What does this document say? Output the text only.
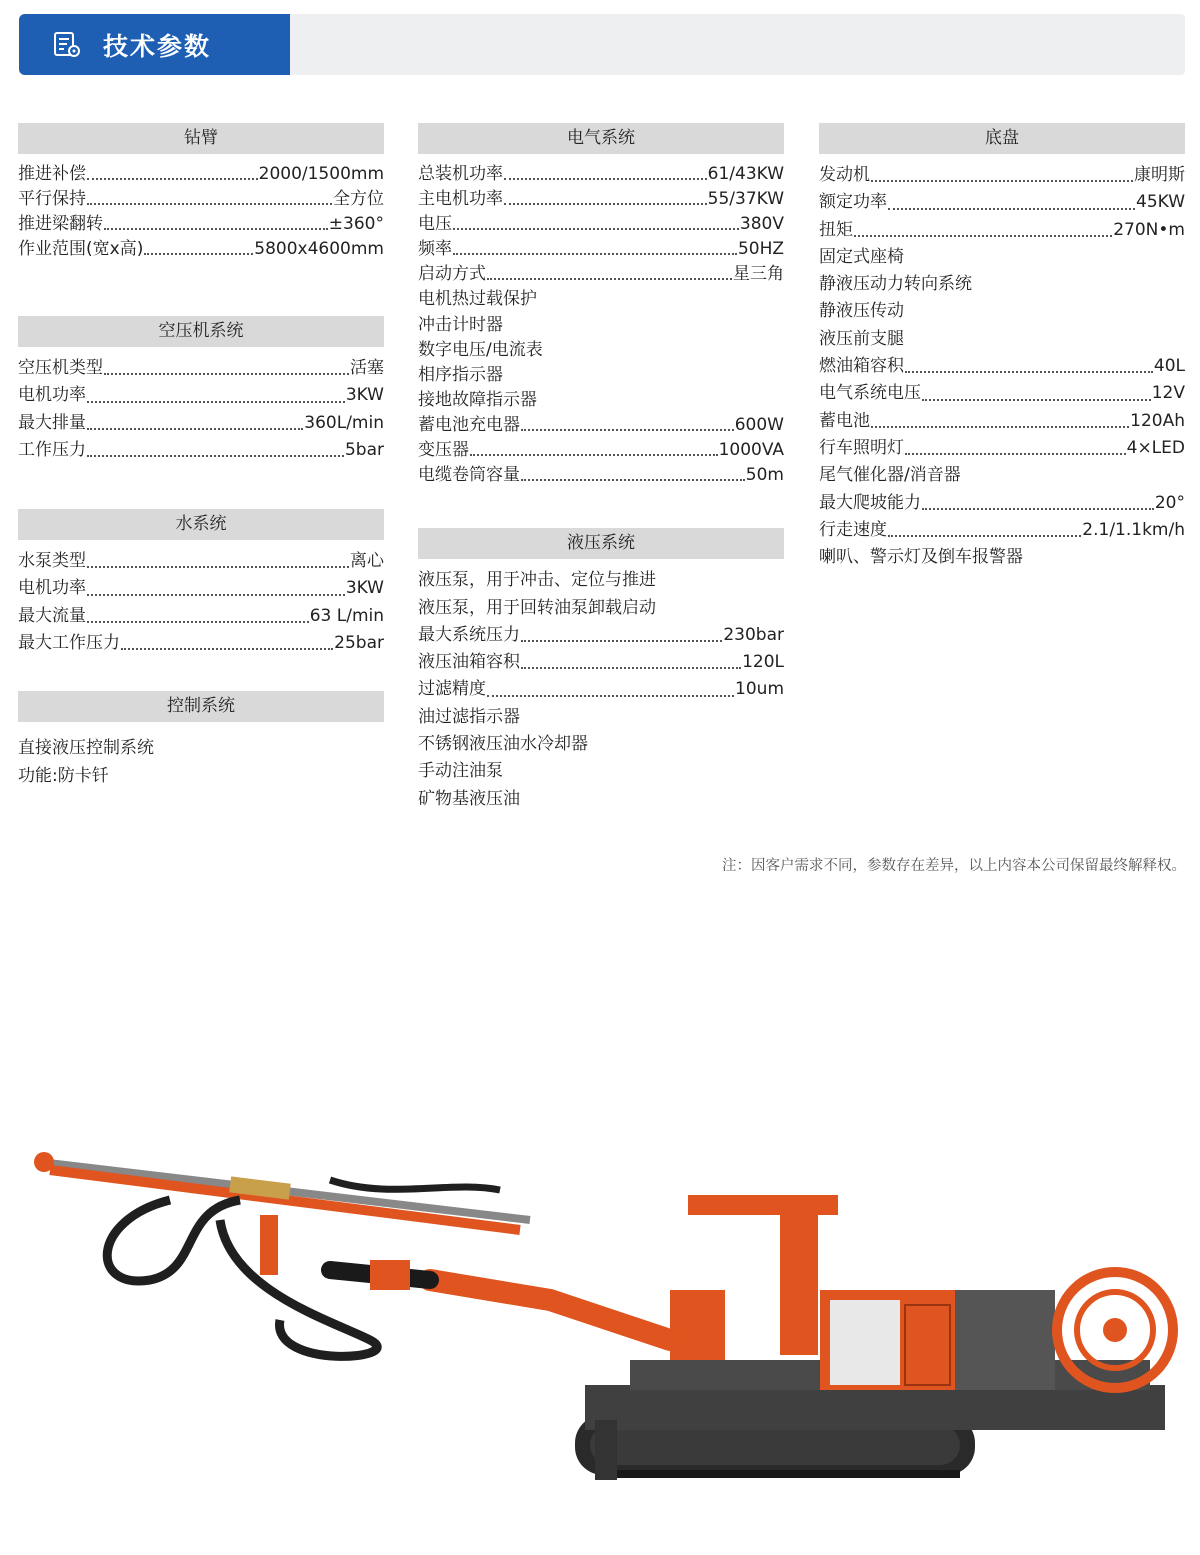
技术参数
钻臂
推进补偿	2000/1500mm
平行保持	全方位
推进梁翻转	±360°
作业范围(宽x高)	5800x4600mm
空压机系统
空压机类型	活塞
电机功率	3KW
最大排量	360L/min
工作压力	5bar
水系统
水泵类型	离心
电机功率	3KW
最大流量	63 L/min
最大工作压力	25bar
控制系统
直接液压控制系统
功能:防卡钎
电气系统
总装机功率	61/43KW
主电机功率	55/37KW
电压	380V
频率	50HZ
启动方式	星三角
电机热过载保护
冲击计时器
数字电压/电流表
相序指示器
接地故障指示器
蓄电池充电器	600W
变压器	1000VA
电缆卷筒容量	50m
液压系统
液压泵，用于冲击、定位与推进
液压泵，用于回转油泵卸载启动
最大系统压力	230bar
液压油箱容积	120L
过滤精度	10um
油过滤指示器
不锈钢液压油水冷却器
手动注油泵
矿物基液压油
底盘
发动机	康明斯
额定功率	45KW
扭矩	270N•m
固定式座椅
静液压动力转向系统
静液压传动
液压前支腿
燃油箱容积	40L
电气系统电压	12V
蓄电池	120Ah
行车照明灯	4×LED
尾气催化器/消音器
最大爬坡能力	20°
行走速度	2.1/1.1km/h
喇叭、警示灯及倒车报警器
注：因客户需求不同，参数存在差异，以上内容本公司保留最终解释权。
